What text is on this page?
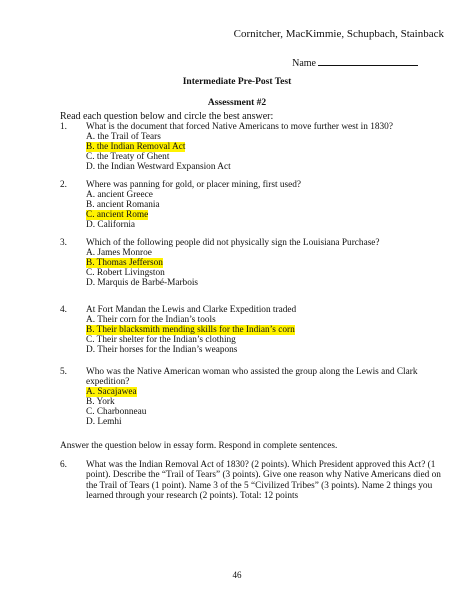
Cornitcher, MacKimmie, Schupbach, Stainback
Name
Intermediate Pre-Post Test
Assessment #2
Read each question below and circle the best answer:
1. What is the document that forced Native Americans to move further west in 1830?
A. the Trail of Tears
B. the Indian Removal Act
C. the Treaty of Ghent
D. the Indian Westward Expansion Act
2. Where was panning for gold, or placer mining, first used?
A. ancient Greece
B. ancient Romania
C. ancient Rome
D. California
3. Which of the following people did not physically sign the Louisiana Purchase?
A. James Monroe
B. Thomas Jefferson
C. Robert Livingston
D. Marquis de Barbé-Marbois
4. At Fort Mandan the Lewis and Clarke Expedition traded
A. Their corn for the Indian’s tools
B. Their blacksmith mending skills for the Indian’s corn
C. Their shelter for the Indian’s clothing
D. Their horses for the Indian’s weapons
5. Who was the Native American woman who assisted the group along the Lewis and Clark
expedition?
A. Sacajawea
B. York
C. Charbonneau
D. Lemhi
Answer the question below in essay form. Respond in complete sentences.
6. What was the Indian Removal Act of 1830? (2 points). Which President approved this Act? (1
point). Describe the “Trail of Tears” (3 points). Give one reason why Native Americans died on
the Trail of Tears (1 point). Name 3 of the 5 “Civilized Tribes” (3 points). Name 2 things you
learned through your research (2 points). Total: 12 points
46
